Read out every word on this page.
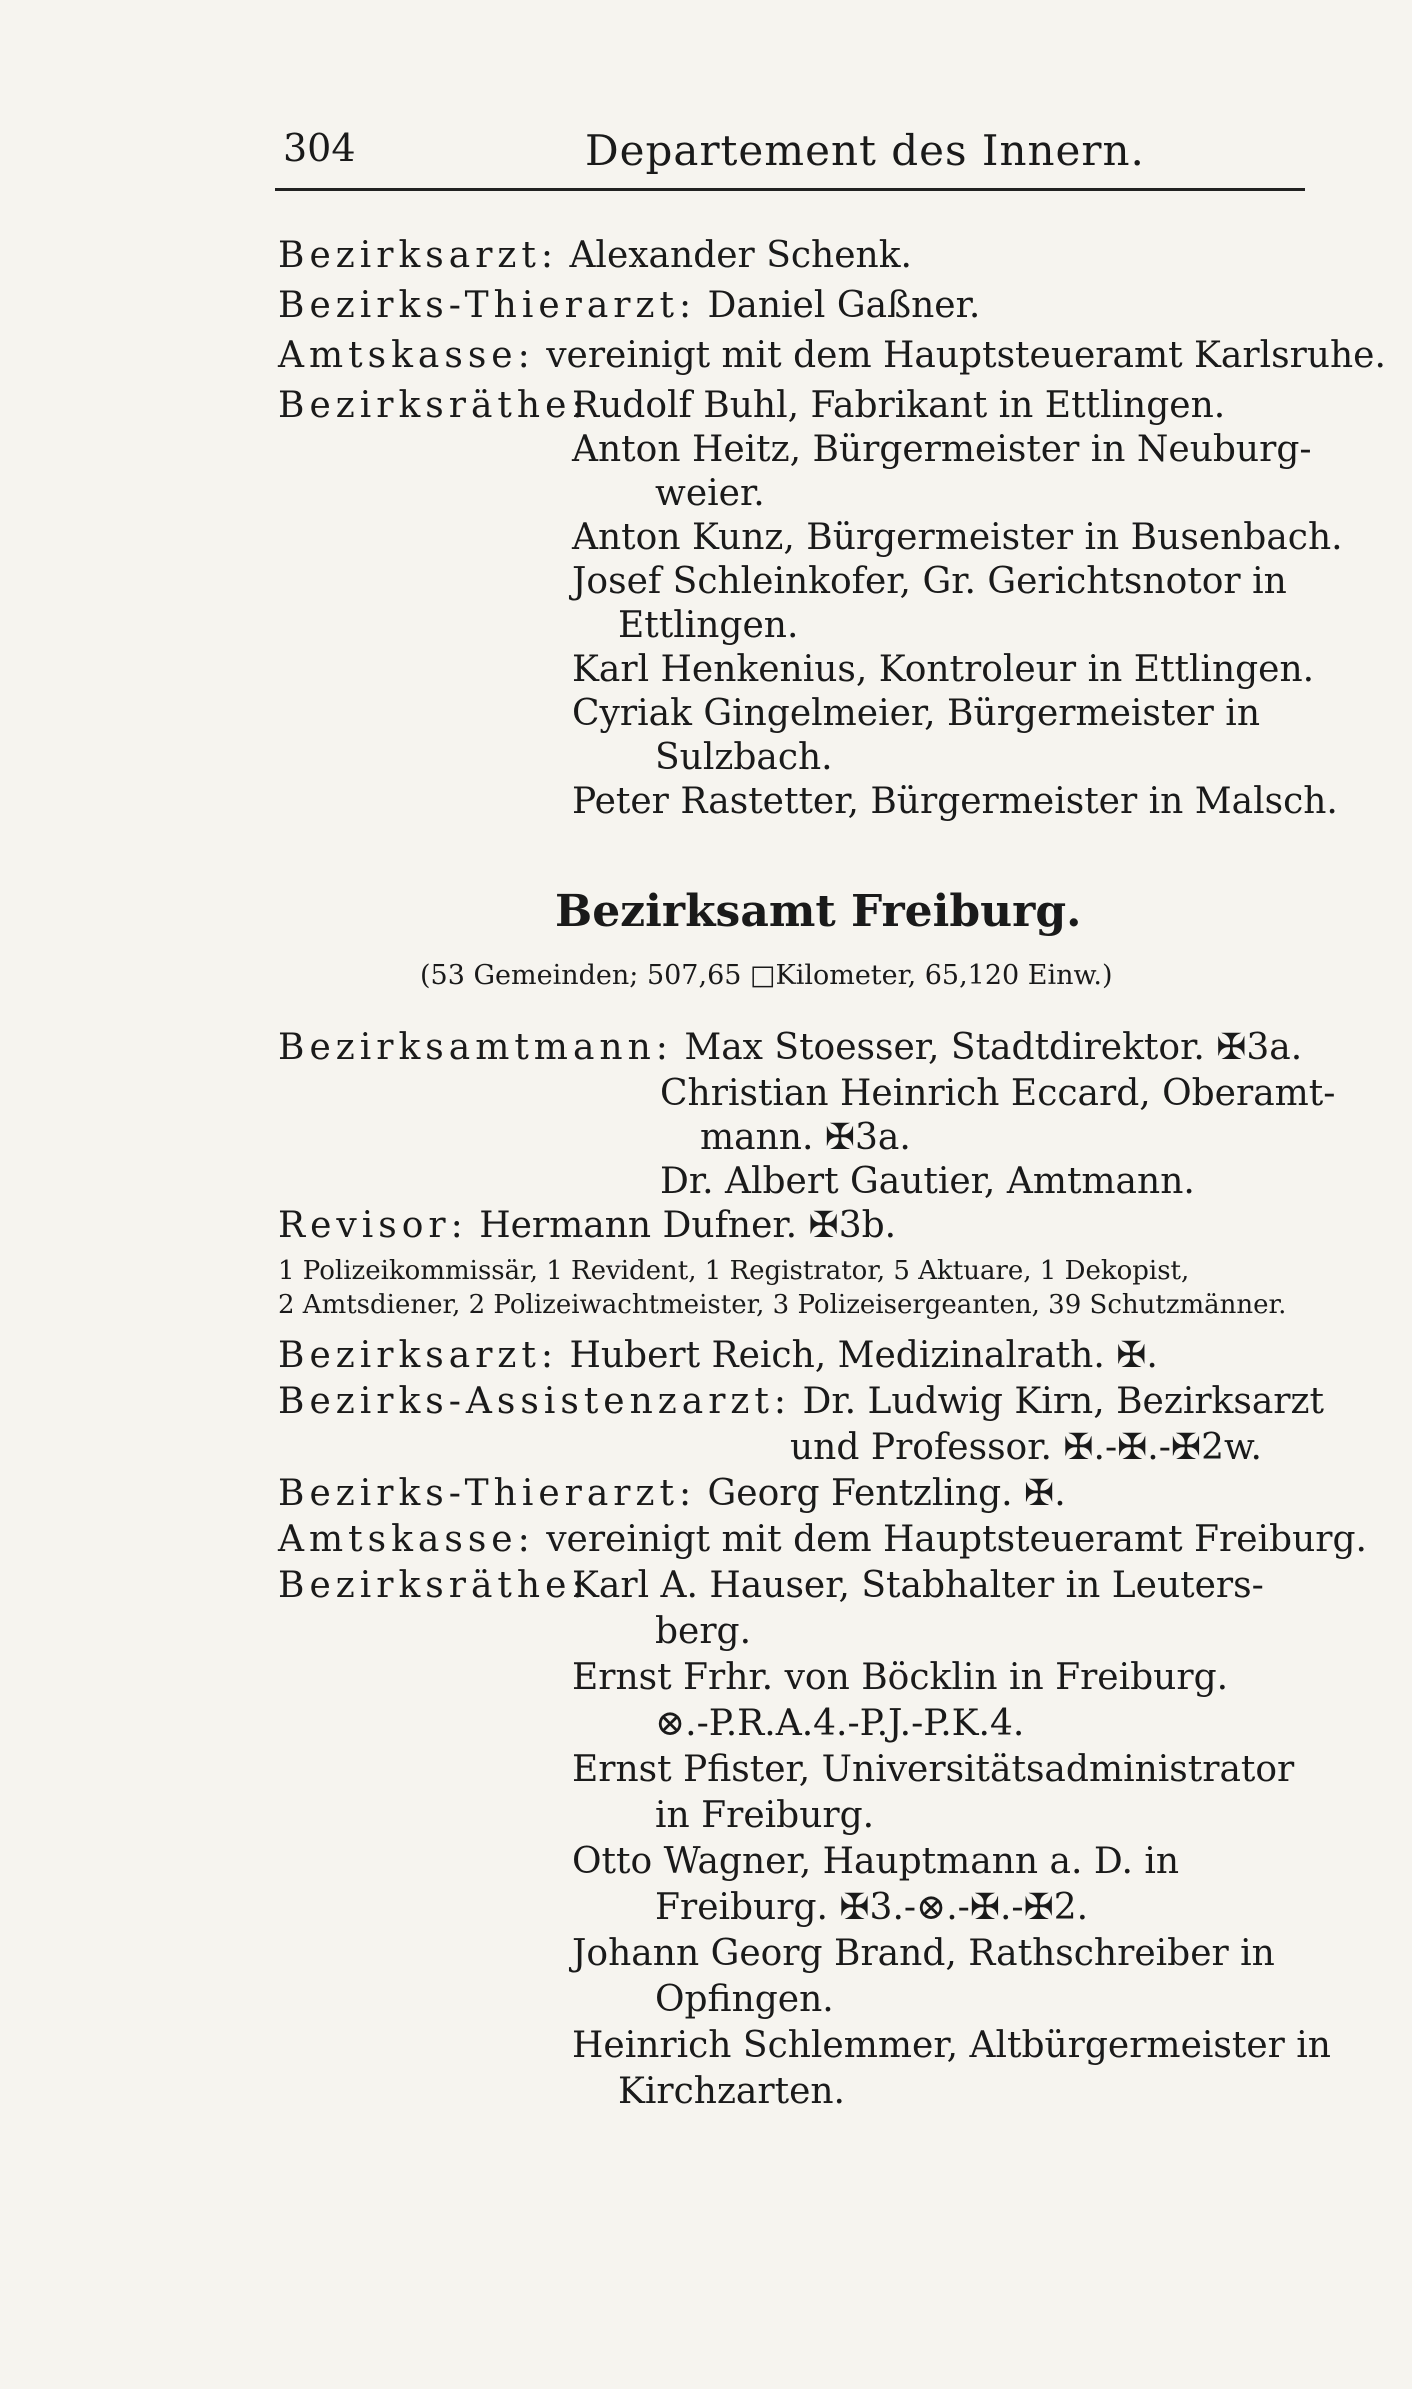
304	Departement des Innern.
Bezirksarzt: Alexander Schenk.
Bezirks-Thierarzt: Daniel Gaßner.
Amtskasse: vereinigt mit dem Hauptsteueramt Karlsruhe.
Bezirksräthe:
Rudolf Buhl, Fabrikant in Ettlingen.
Anton Heitz, Bürgermeister in Neuburg-
weier.
Anton Kunz, Bürgermeister in Busenbach.
Josef Schleinkofer, Gr. Gerichtsnotor in
Ettlingen.
Karl Henkenius, Kontroleur in Ettlingen.
Cyriak Gingelmeier, Bürgermeister in
Sulzbach.
Peter Rastetter, Bürgermeister in Malsch.
Bezirksamt Freiburg.
(53 Gemeinden; 507,65 □Kilometer, 65,120 Einw.)
Bezirksamtmann: Max Stoesser, Stadtdirektor. ✠3a.
Christian Heinrich Eccard, Oberamt-
mann. ✠3a.
Dr. Albert Gautier, Amtmann.
Revisor: Hermann Dufner. ✠3b.
1 Polizeikommissär, 1 Revident, 1 Registrator, 5 Aktuare, 1 Dekopist,
2 Amtsdiener, 2 Polizeiwachtmeister, 3 Polizeisergeanten, 39 Schutzmänner.
Bezirksarzt: Hubert Reich, Medizinalrath. ✠.
Bezirks-Assistenzarzt: Dr. Ludwig Kirn, Bezirksarzt
und Professor. ✠.-✠.-✠2w.
Bezirks-Thierarzt: Georg Fentzling. ✠.
Amtskasse: vereinigt mit dem Hauptsteueramt Freiburg.
Bezirksräthe:
Karl A. Hauser, Stabhalter in Leuters-
berg.
Ernst Frhr. von Böcklin in Freiburg.
⊗.-P.R.A.4.-P.J.-P.K.4.
Ernst Pfister, Universitätsadministrator
in Freiburg.
Otto Wagner, Hauptmann a. D. in
Freiburg. ✠3.-⊗.-✠.-✠2.
Johann Georg Brand, Rathschreiber in
Opfingen.
Heinrich Schlemmer, Altbürgermeister in
Kirchzarten.
